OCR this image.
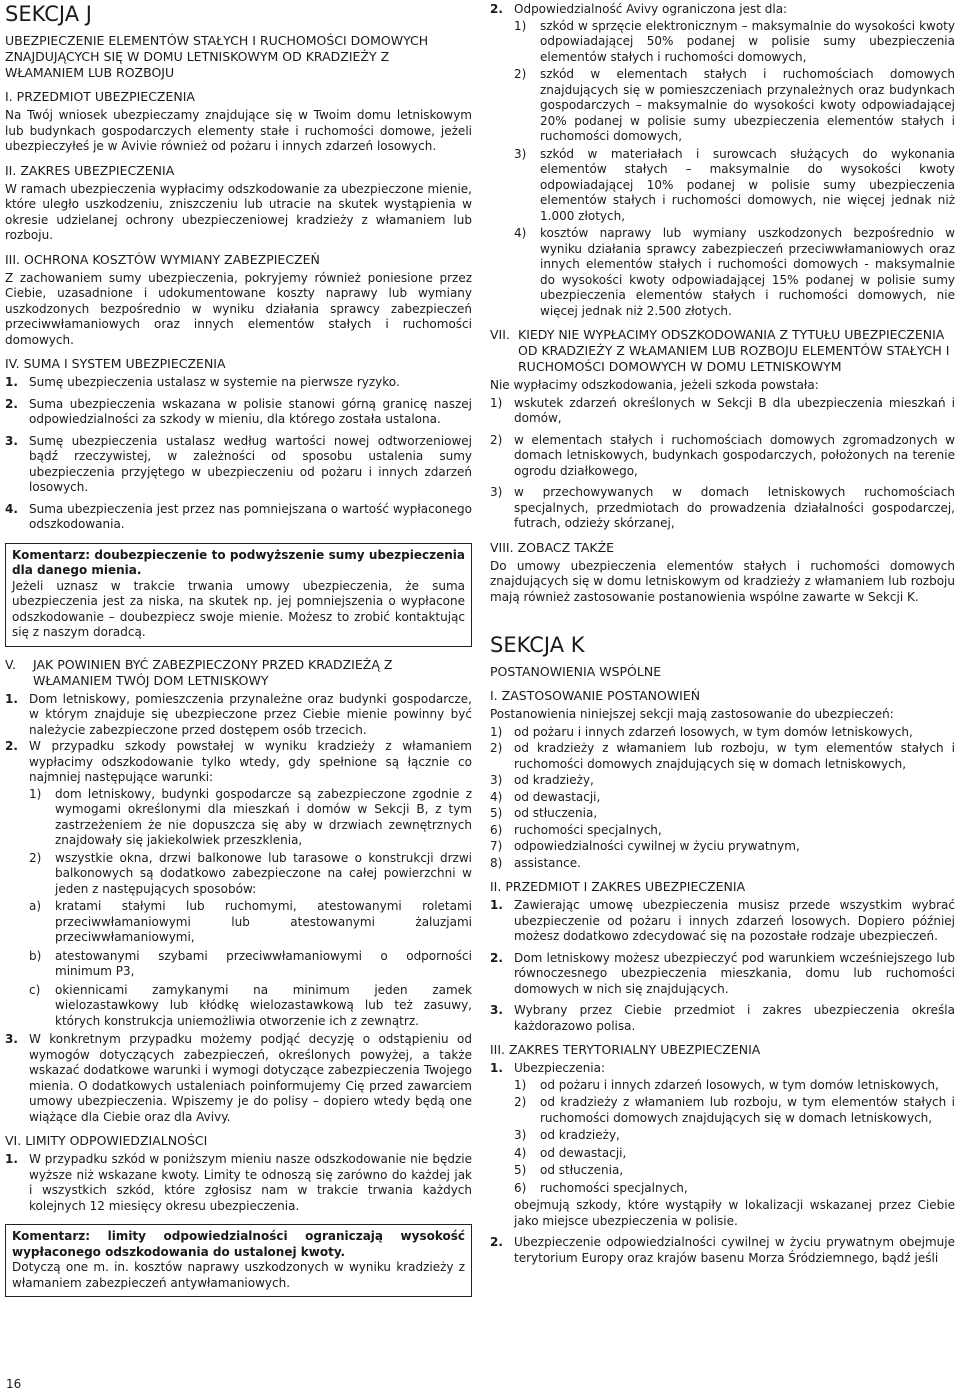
SEKCJA J
UBEZPIECZENIE ELEMENTÓW STAŁYCH I RUCHOMOŚCI DOMOWYCH ZNAJDUJĄCYCH SIĘ W DOMU LETNISKOWYM OD KRADZIEŻY Z WŁAMANIEM LUB ROZBOJU
I. PRZEDMIOT UBEZPIECZENIA

Na Twój wniosek ubezpieczamy znajdujące się w Twoim domu letniskowym lub budynkach gospodarczych elementy stałe i ruchomości domowe, jeżeli ubezpieczyłeś je w Avivie również od pożaru i innych zdarzeń losowych.

II. ZAKRES UBEZPIECZENIA

W ramach ubezpieczenia wypłacimy odszkodowanie za ubezpieczone mienie, które uległo uszkodzeniu, zniszczeniu lub utracie na skutek wystąpienia w okresie udzielanej ochrony ubezpieczeniowej kradzieży z włamaniem lub rozboju.

III. OCHRONA KOSZTÓW WYMIANY ZABEZPIECZEŃ

Z zachowaniem sumy ubezpieczenia, pokryjemy również poniesione przez Ciebie, uzasadnione i udokumentowane koszty naprawy lub wymiany uszkodzonych bezpośrednio w wyniku działania sprawcy zabezpieczeń przeciwwłamaniowych oraz innych elementów stałych i ruchomości domowych.

IV. SUMA I SYSTEM UBEZPIECZENIA
1. Sumę ubezpieczenia ustalasz w systemie na pierwsze ryzyko.
2. Suma ubezpieczenia wskazana w polisie stanowi górną granicę naszej odpowiedzialności za szkody w mieniu, dla którego została ustalona.
3. Sumę ubezpieczenia ustalasz według wartości nowej odtworzeniowej bądź rzeczywistej, w zależności od sposobu ustalenia sumy ubezpieczenia przyjętego w ubezpieczeniu od pożaru i innych zdarzeń losowych.
4. Suma ubezpieczenia jest przez nas pomniejszana o wartość wypłaconego odszkodowania.
Komentarz: doubezpieczenie to podwyższenie sumy ubezpieczenia dla danego mienia.
Jeżeli uznasz w trakcie trwania umowy ubezpieczenia, że suma ubezpieczenia jest za niska, na skutek np. jej pomniejszenia o wypłacone odszkodowanie – doubezpiecz swoje mienie. Możesz to zrobić kontaktując się z naszym doradcą.
V.	JAK POWINIEN BYĆ ZABEZPIECZONY PRZED KRADZIEŻĄ Z WŁAMANIEM TWÓJ DOM LETNISKOWY
1. Dom letniskowy, pomieszczenia przynależne oraz budynki gospodarcze, w którym znajduje się ubezpieczone przez Ciebie mienie powinny być należycie zabezpieczone przed dostępem osób trzecich.
2. W przypadku szkody powstałej w wyniku kradzieży z włamaniem wypłacimy odszkodowanie tylko wtedy, gdy spełnione są łącznie co najmniej następujące warunki:
1)	dom letniskowy, budynki gospodarcze są zabezpieczone zgodnie z wymogami określonymi dla mieszkań i domów w Sekcji B, z tym zastrzeżeniem że nie dopuszcza się aby w drzwiach zewnętrznych znajdowały się jakiekolwiek przeszklenia,
2)	wszystkie okna, drzwi balkonowe lub tarasowe o konstrukcji drzwi balkonowych są dodatkowo zabezpieczone na całej powierzchni w jeden z następujących sposobów:
a)	kratami stałymi lub ruchomymi, atestowanymi roletami przeciwwłamaniowymi lub atestowanymi żaluzjami przeciwwłamaniowymi,
b)	atestowanymi szybami przeciwwłamaniowymi o odporności minimum P3,
c)	okiennicami zamykanymi na minimum jeden zamek wielozastawkowy lub kłódkę wielozastawkową lub też zasuwy, których konstrukcja uniemożliwia otworzenie ich z zewnątrz.
3. W konkretnym przypadku możemy podjąć decyzję o odstąpieniu od wymogów dotyczących zabezpieczeń, określonych powyżej, a także wskazać dodatkowe warunki i wymogi dotyczące zabezpieczenia Twojego mienia. O dodatkowych ustaleniach poinformujemy Cię przed zawarciem umowy ubezpieczenia. Wpiszemy je do polisy – dopiero wtedy będą one wiążące dla Ciebie oraz dla Avivy.
VI. LIMITY ODPOWIEDZIALNOŚCI
1. W przypadku szkód w poniższym mieniu nasze odszkodowanie nie będzie wyższe niż wskazane kwoty. Limity te odnoszą się zarówno do każdej jak i wszystkich szkód, które zgłosisz nam w trakcie trwania każdych kolejnych 12 miesięcy okresu ubezpieczenia.
Komentarz: limity odpowiedzialności ograniczają wysokość wypłaconego odszkodowania do ustalonej kwoty.
Dotyczą one m. in. kosztów naprawy uszkodzonych w wyniku kradzieży z włamaniem zabezpieczeń antywłamaniowych.
2. Odpowiedzialność Avivy ograniczona jest dla:
1)	szkód w sprzęcie elektronicznym – maksymalnie do wysokości kwoty odpowiadającej 50% podanej w polisie sumy ubezpieczenia elementów stałych i ruchomości domowych,
2)	szkód w elementach stałych i ruchomościach domowych znajdujących się w pomieszczeniach przynależnych oraz budynkach gospodarczych – maksymalnie do wysokości kwoty odpowiadającej 20% podanej w polisie sumy ubezpieczenia elementów stałych i ruchomości domowych,
3)	szkód w materiałach i surowcach służących do wykonania elementów stałych – maksymalnie do wysokości kwoty odpowiadającej 10% podanej w polisie sumy ubezpieczenia elementów stałych i ruchomości domowych, nie więcej jednak niż 1.000 złotych,
4)	kosztów naprawy lub wymiany uszkodzonych bezpośrednio w wyniku działania sprawcy zabezpieczeń przeciwwłamaniowych oraz innych elementów stałych i ruchomości domowych - maksymalnie do wysokości kwoty odpowiadającej 15% podanej w polisie sumy ubezpieczenia elementów stałych i ruchomości domowych, nie więcej jednak niż 2.500 złotych.
VII. KIEDY NIE WYPŁACIMY ODSZKODOWANIA Z TYTUŁU UBEZPIECZENIA OD KRADZIEŻY Z WŁAMANIEM LUB ROZBOJU ELEMENTÓW STAŁYCH I RUCHOMOŚCI DOMOWYCH W DOMU LETNISKOWYM

Nie wypłacimy odszkodowania, jeżeli szkoda powstała:

1) wskutek zdarzeń określonych w Sekcji B dla ubezpieczenia mieszkań i domów,
2) w elementach stałych i ruchomościach domowych zgromadzonych w domach letniskowych, budynkach gospodarczych, położonych na terenie ogrodu działkowego,
3) w przechowywanych w domach letniskowych ruchomościach specjalnych, przedmiotach do prowadzenia działalności gospodarczej, futrach, odzieży skórzanej,
VIII. ZOBACZ TAKŻE

Do umowy ubezpieczenia elementów stałych i ruchomości domowych znajdujących się w domu letniskowym od kradzieży z włamaniem lub rozboju mają również zastosowanie postanowienia wspólne zawarte w Sekcji K.

SEKCJA K
POSTANOWIENIA WSPÓLNE
I. ZASTOSOWANIE POSTANOWIEŃ

Postanowienia niniejszej sekcji mają zastosowanie do ubezpieczeń:

1) od pożaru i innych zdarzeń losowych, w tym domów letniskowych,
2) od kradzieży z włamaniem lub rozboju, w tym elementów stałych i ruchomości domowych znajdujących się w domach letniskowych,
3) od kradzieży,
4) od dewastacji,
5) od stłuczenia,
6) ruchomości specjalnych,
7) odpowiedzialności cywilnej w życiu prywatnym,
8) assistance.
II. PRZEDMIOT I ZAKRES UBEZPIECZENIA
1. Zawierając umowę ubezpieczenia musisz przede wszystkim wybrać ubezpieczenie od pożaru i innych zdarzeń losowych. Dopiero później możesz dodatkowo zdecydować się na pozostałe rodzaje ubezpieczeń.
2. Dom letniskowy możesz ubezpieczyć pod warunkiem wcześniejszego lub równoczesnego ubezpieczenia mieszkania, domu lub ruchomości domowych w nich się znajdujących.
3. Wybrany przez Ciebie przedmiot i zakres ubezpieczenia określa każdorazowo polisa.
III. ZAKRES TERYTORIALNY UBEZPIECZENIA
1. Ubezpieczenia:
1)	od pożaru i innych zdarzeń losowych, w tym domów letniskowych,
2)	od kradzieży z włamaniem lub rozboju, w tym elementów stałych i ruchomości domowych znajdujących się w domach letniskowych,
3)	od kradzieży,
4)	od dewastacji,
5)	od stłuczenia,
6)	ruchomości specjalnych,

obejmują szkody, które wystąpiły w lokalizacji wskazanej przez Ciebie jako miejsce ubezpieczenia w polisie.

2. Ubezpieczenie odpowiedzialności cywilnej w życiu prywatnym obejmuje terytorium Europy oraz krajów basenu Morza Śródziemnego, bądź jeśli
16
